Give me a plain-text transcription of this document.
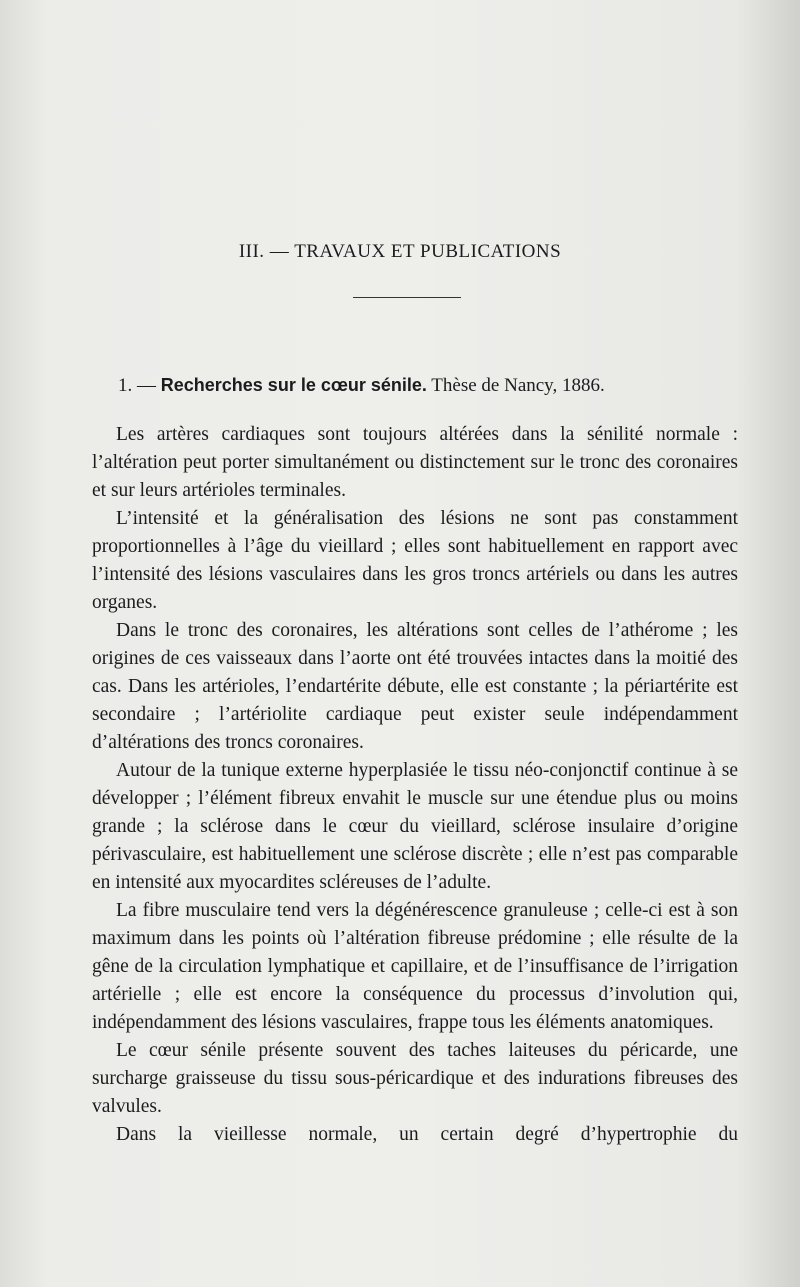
III. — TRAVAUX ET PUBLICATIONS
1. — Recherches sur le cœur sénile. Thèse de Nancy, 1886.

Les artères cardiaques sont toujours altérées dans la sénilité normale : l’altération peut porter simultanément ou distinctement sur le tronc des coronaires et sur leurs artérioles terminales.

L’intensité et la généralisation des lésions ne sont pas constamment proportionnelles à l’âge du vieillard ; elles sont habituellement en rapport avec l’intensité des lésions vasculaires dans les gros troncs artériels ou dans les autres organes.

Dans le tronc des coronaires, les altérations sont celles de l’athérome ; les origines de ces vaisseaux dans l’aorte ont été trouvées intactes dans la moitié des cas. Dans les artérioles, l’endartérite débute, elle est constante ; la périartérite est secondaire ; l’artériolite cardiaque peut exister seule indépendamment d’altérations des troncs coronaires.

Autour de la tunique externe hyperplasiée le tissu néo-conjonctif continue à se développer ; l’élément fibreux envahit le muscle sur une étendue plus ou moins grande ; la sclérose dans le cœur du vieillard, sclérose insulaire d’origine périvasculaire, est habituellement une sclérose discrète ; elle n’est pas comparable en intensité aux myocardites scléreuses de l’adulte.

La fibre musculaire tend vers la dégénérescence granuleuse ; celle-ci est à son maximum dans les points où l’altération fibreuse prédomine ; elle résulte de la gêne de la circulation lymphatique et capillaire, et de l’insuffisance de l’irrigation artérielle ; elle est encore la conséquence du processus d’involution qui, indépendamment des lésions vasculaires, frappe tous les éléments anatomiques.

Le cœur sénile présente souvent des taches laiteuses du péricarde, une surcharge graisseuse du tissu sous-péricardique et des indurations fibreuses des valvules.

Dans la vieillesse normale, un certain degré d’hypertrophie du
